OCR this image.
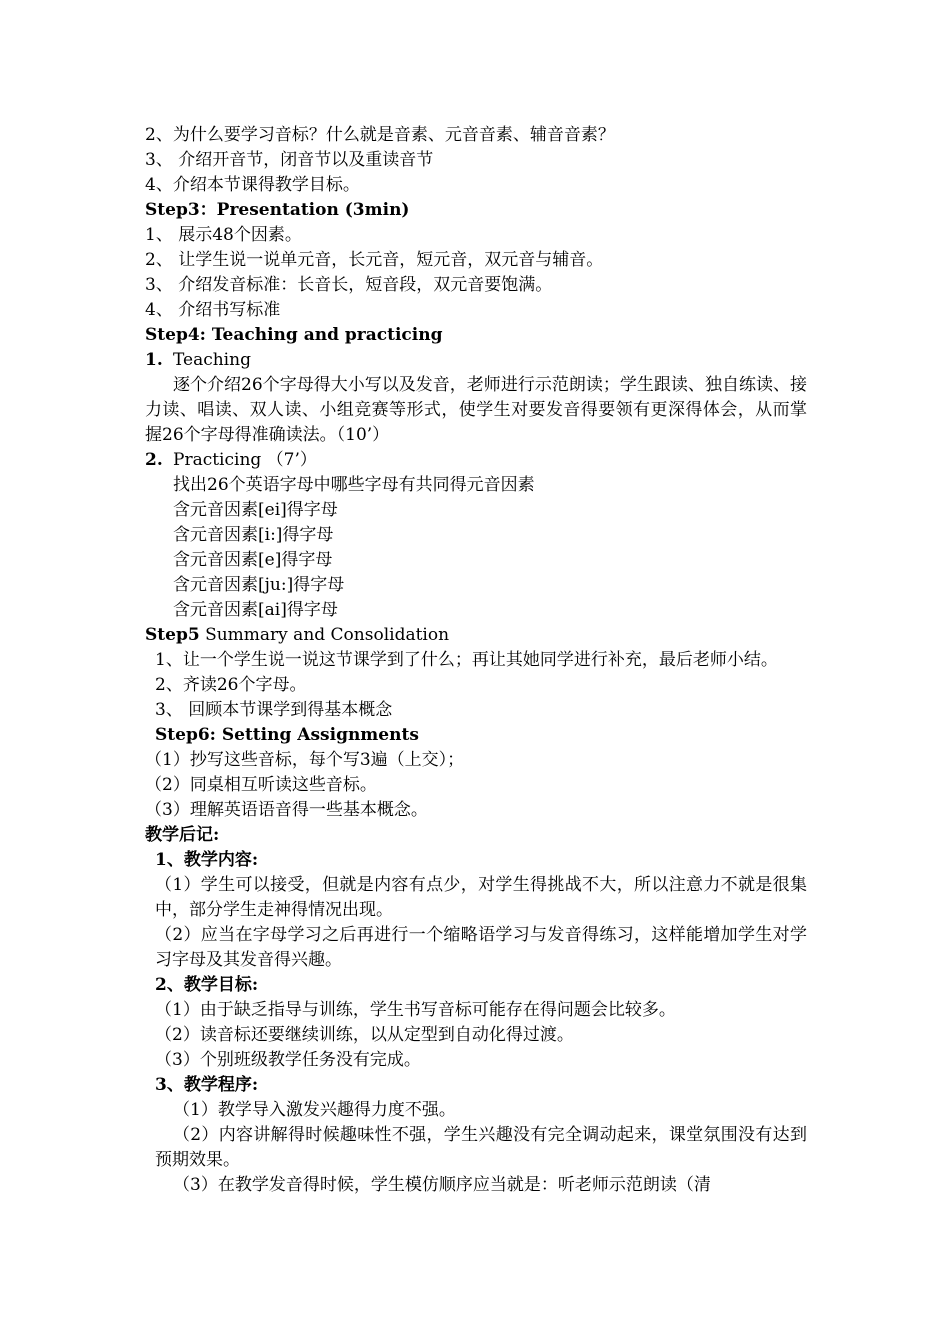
2、为什么要学习音标？什么就是音素、元音音素、辅音音素？
3、 介绍开音节，闭音节以及重读音节
4、介绍本节课得教学目标。
Step3：Presentation (3min)
1、 展示48个因素。
2、 让学生说一说单元音，长元音，短元音，双元音与辅音。
3、 介绍发音标准：长音长，短音段，双元音要饱满。
4、 介绍书写标准
Step4: Teaching and practicing
1. Teaching
逐个介绍26个字母得大小写以及发音，老师进行示范朗读；学生跟读、独自练读、接力读、唱读、双人读、小组竞赛等形式，使学生对要发音得要领有更深得体会，从而掌握26个字母得准确读法。（10’）
2. Practicing （7’）
找出26个英语字母中哪些字母有共同得元音因素
含元音因素[ei]得字母
含元音因素[i:]得字母
含元音因素[e]得字母
含元音因素[ju:]得字母
含元音因素[ai]得字母
Step5 Summary and Consolidation
1、让一个学生说一说这节课学到了什么；再让其她同学进行补充，最后老师小结。
2、齐读26个字母。
3、 回顾本节课学到得基本概念
Step6: Setting Assignments
（1）抄写这些音标，每个写3遍（上交）；
（2）同桌相互听读这些音标。
（3）理解英语语音得一些基本概念。
教学后记:
1、教学内容:
（1）学生可以接受，但就是内容有点少，对学生得挑战不大，所以注意力不就是很集中，部分学生走神得情况出现。
（2）应当在字母学习之后再进行一个缩略语学习与发音得练习，这样能增加学生对学习字母及其发音得兴趣。
2、教学目标:
（1）由于缺乏指导与训练，学生书写音标可能存在得问题会比较多。
（2）读音标还要继续训练，以从定型到自动化得过渡。
（3）个别班级教学任务没有完成。
3、教学程序:
（1）教学导入激发兴趣得力度不强。
（2）内容讲解得时候趣味性不强，学生兴趣没有完全调动起来，课堂氛围没有达到预期效果。
（3）在教学发音得时候，学生模仿顺序应当就是：听老师示范朗读（清
